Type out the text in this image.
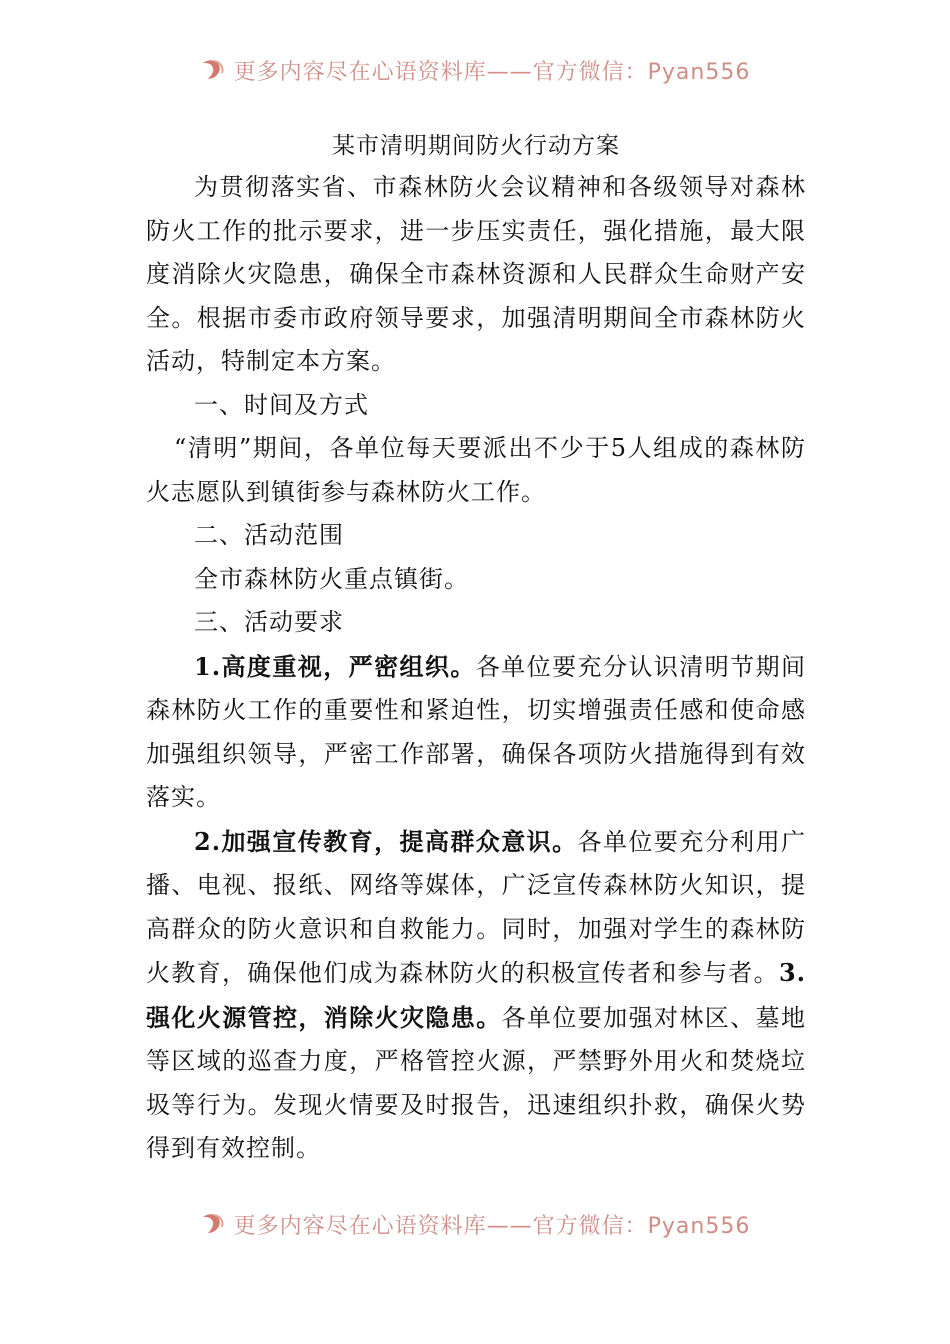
更多内容尽在心语资料库——官方微信：Pyan556
某市清明期间防火行动方案

为贯彻落实省、市森林防火会议精神和各级领导对森林防火工作的批示要求，进一步压实责任，强化措施，最大限度消除火灾隐患，确保全市森林资源和人民群众生命财产安全。根据市委市政府领导要求，加强清明期间全市森林防火活动，特制定本方案。

一、时间及方式

“清明”期间，各单位每天要派出不少于5人组成的森林防火志愿队到镇街参与森林防火工作。

二、活动范围

全市森林防火重点镇街。

三、活动要求

1.高度重视，严密组织。各单位要充分认识清明节期间森林防火工作的重要性和紧迫性，切实增强责任感和使命感加强组织领导，严密工作部署，确保各项防火措施得到有效落实。

2.加强宣传教育，提高群众意识。各单位要充分利用广播、电视、报纸、网络等媒体，广泛宣传森林防火知识，提高群众的防火意识和自救能力。同时，加强对学生的森林防火教育，确保他们成为森林防火的积极宣传者和参与者。3.强化火源管控，消除火灾隐患。各单位要加强对林区、墓地等区域的巡查力度，严格管控火源，严禁野外用火和焚烧垃圾等行为。发现火情要及时报告，迅速组织扑救，确保火势得到有效控制。

更多内容尽在心语资料库——官方微信：Pyan556
